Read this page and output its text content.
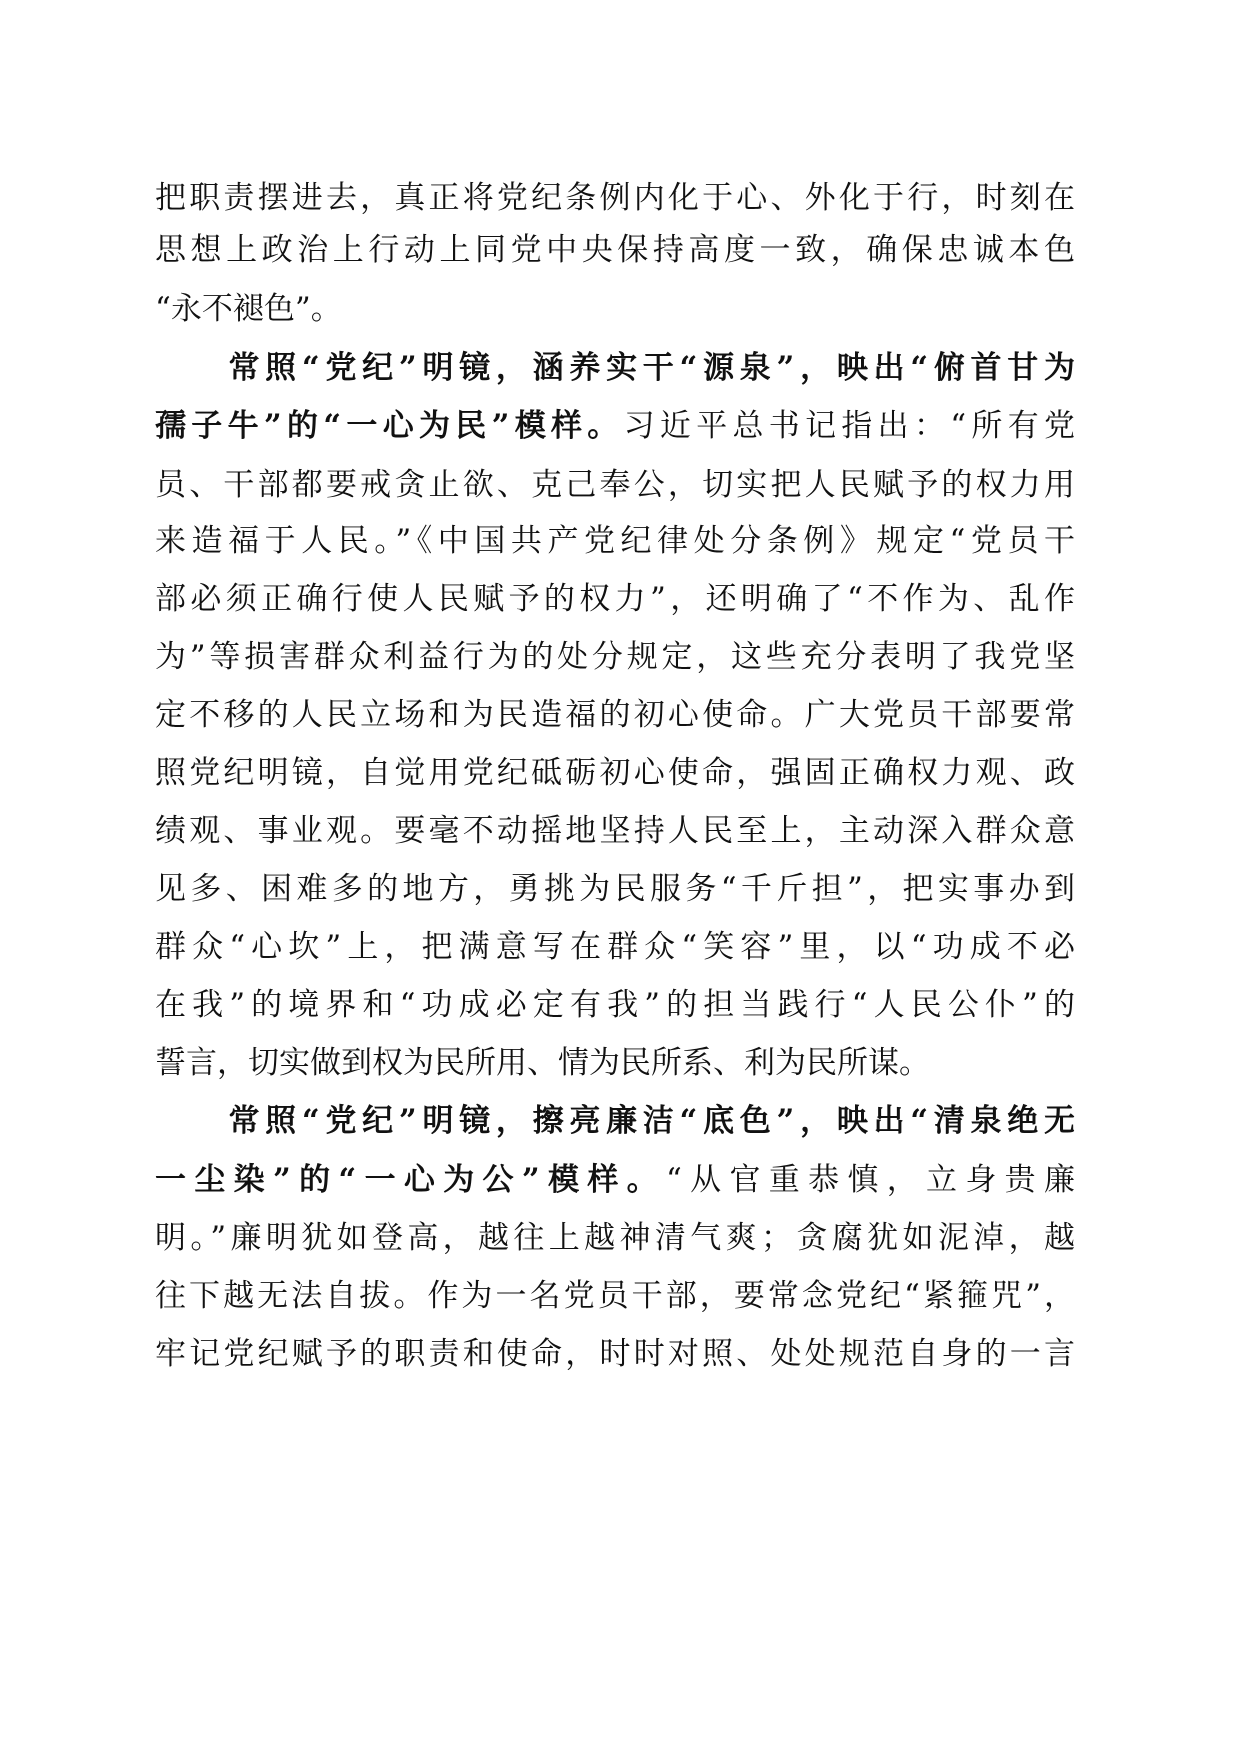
把职责摆进去，真正将党纪条例内化于心、外化于行，时刻在
思想上政治上行动上同党中央保持高度一致，确保忠诚本色
“永不褪色”。
　　常照“党纪”明镜，涵养实干“源泉”，映出“俯首甘为
孺子牛”的“一心为民”模样。习近平总书记指出：“所有党
员、干部都要戒贪止欲、克己奉公，切实把人民赋予的权力用
来造福于人民。”《中国共产党纪律处分条例》规定“党员干
部必须正确行使人民赋予的权力”，还明确了“不作为、乱作
为”等损害群众利益行为的处分规定，这些充分表明了我党坚
定不移的人民立场和为民造福的初心使命。广大党员干部要常
照党纪明镜，自觉用党纪砥砺初心使命，强固正确权力观、政
绩观、事业观。要毫不动摇地坚持人民至上，主动深入群众意
见多、困难多的地方，勇挑为民服务“千斤担”，把实事办到
群众“心坎”上，把满意写在群众“笑容”里，以“功成不必
在我”的境界和“功成必定有我”的担当践行“人民公仆”的
誓言，切实做到权为民所用、情为民所系、利为民所谋。
　　常照“党纪”明镜，擦亮廉洁“底色”，映出“清泉绝无
一尘染”的“一心为公”模样。“从官重恭慎，立身贵廉
明。”廉明犹如登高，越往上越神清气爽；贪腐犹如泥淖，越
往下越无法自拔。作为一名党员干部，要常念党纪“紧箍咒”，
牢记党纪赋予的职责和使命，时时对照、处处规范自身的一言
